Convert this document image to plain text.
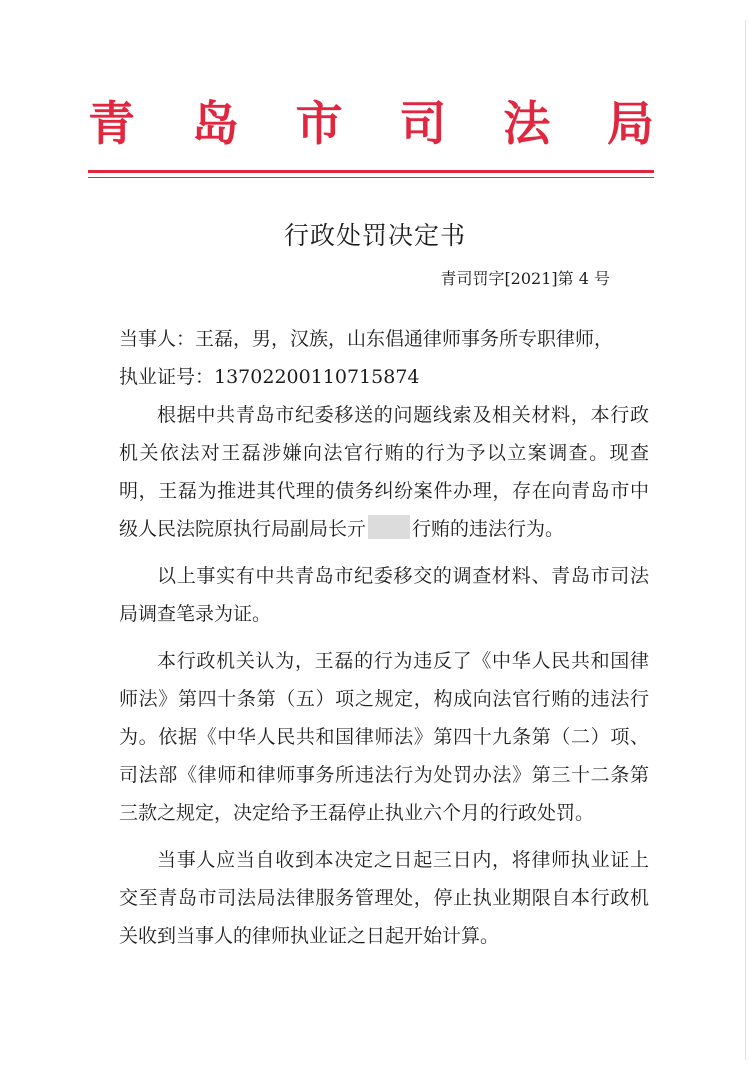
青 岛 市 司 法 局
行政处罚决定书
青司罚字[2021]第 4 号

当事人：王磊，男，汉族，山东倡通律师事务所专职律师，

执业证号：13702200110715874

根据中共青岛市纪委移送的问题线索及相关材料，本行政机关依法对王磊涉嫌向法官行贿的行为予以立案调查。现查明，王磊为推进其代理的债务纠纷案件办理，存在向青岛市中级人民法院原执行局副局长亓 行贿的违法行为。

以上事实有中共青岛市纪委移交的调查材料、青岛市司法局调查笔录为证。

本行政机关认为，王磊的行为违反了《中华人民共和国律师法》第四十条第（五）项之规定，构成向法官行贿的违法行为。依据《中华人民共和国律师法》第四十九条第（二）项、司法部《律师和律师事务所违法行为处罚办法》第三十二条第三款之规定，决定给予王磊停止执业六个月的行政处罚。

当事人应当自收到本决定之日起三日内，将律师执业证上交至青岛市司法局法律服务管理处，停止执业期限自本行政机关收到当事人的律师执业证之日起开始计算。
